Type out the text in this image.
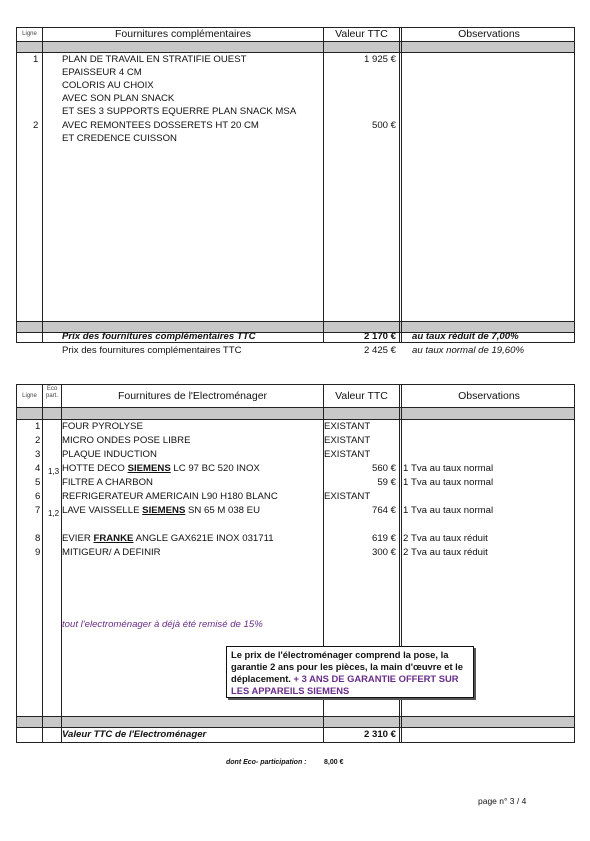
Ligne	Fournitures complémentaires	Valeur TTC	Observations
1 PLAN DE TRAVAIL EN STRATIFIE OUEST	1 925 €
EPAISSEUR 4 CM
COLORIS AU CHOIX
AVEC SON PLAN SNACK
ET SES 3 SUPPORTS EQUERRE PLAN SNACK MSA
2 AVEC REMONTEES DOSSERETS HT 20 CM	500 €
ET CREDENCE CUISSON
Prix des fournitures complémentaires TTC	2 170 € au taux réduit de 7,00%
Prix des fournitures complémentaires TTC	2 425 € au taux normal de 19,60%
Ligne
Eco part.	Fournitures de l'Electroménager	Valeur TTC	Observations
1 FOUR PYROLYSE	EXISTANT
2 MICRO ONDES POSE LIBRE	EXISTANT
3 PLAQUE INDUCTION	EXISTANT
4 1,3 HOTTE DECO SIEMENS LC 97 BC 520 INOX	560 € 1 Tva au taux normal
5 FILTRE A CHARBON	59 € 1 Tva au taux normal
6 REFRIGERATEUR AMERICAIN L90 H180 BLANC	EXISTANT
7 1,2 LAVE VAISSELLE SIEMENS SN 65 M 038 EU	764 € 1 Tva au taux normal
8 EVIER FRANKE ANGLE GAX621E INOX 031711	619 € 2 Tva au taux réduit
9 MITIGEUR/ A DEFINIR	300 € 2 Tva au taux réduit
tout l'electroménager à déjà été remisé de 15%
Le prix de l'électroménager comprend la pose, la garantie 2 ans pour les pièces, la main d'œuvre et le déplacement. + 3 ANS DE GARANTIE OFFERT SUR LES APPAREILS SIEMENS
Valeur TTC de l'Electroménager	2 310 €
dont Eco- participation :	8,00 €
page n° 3 / 4
